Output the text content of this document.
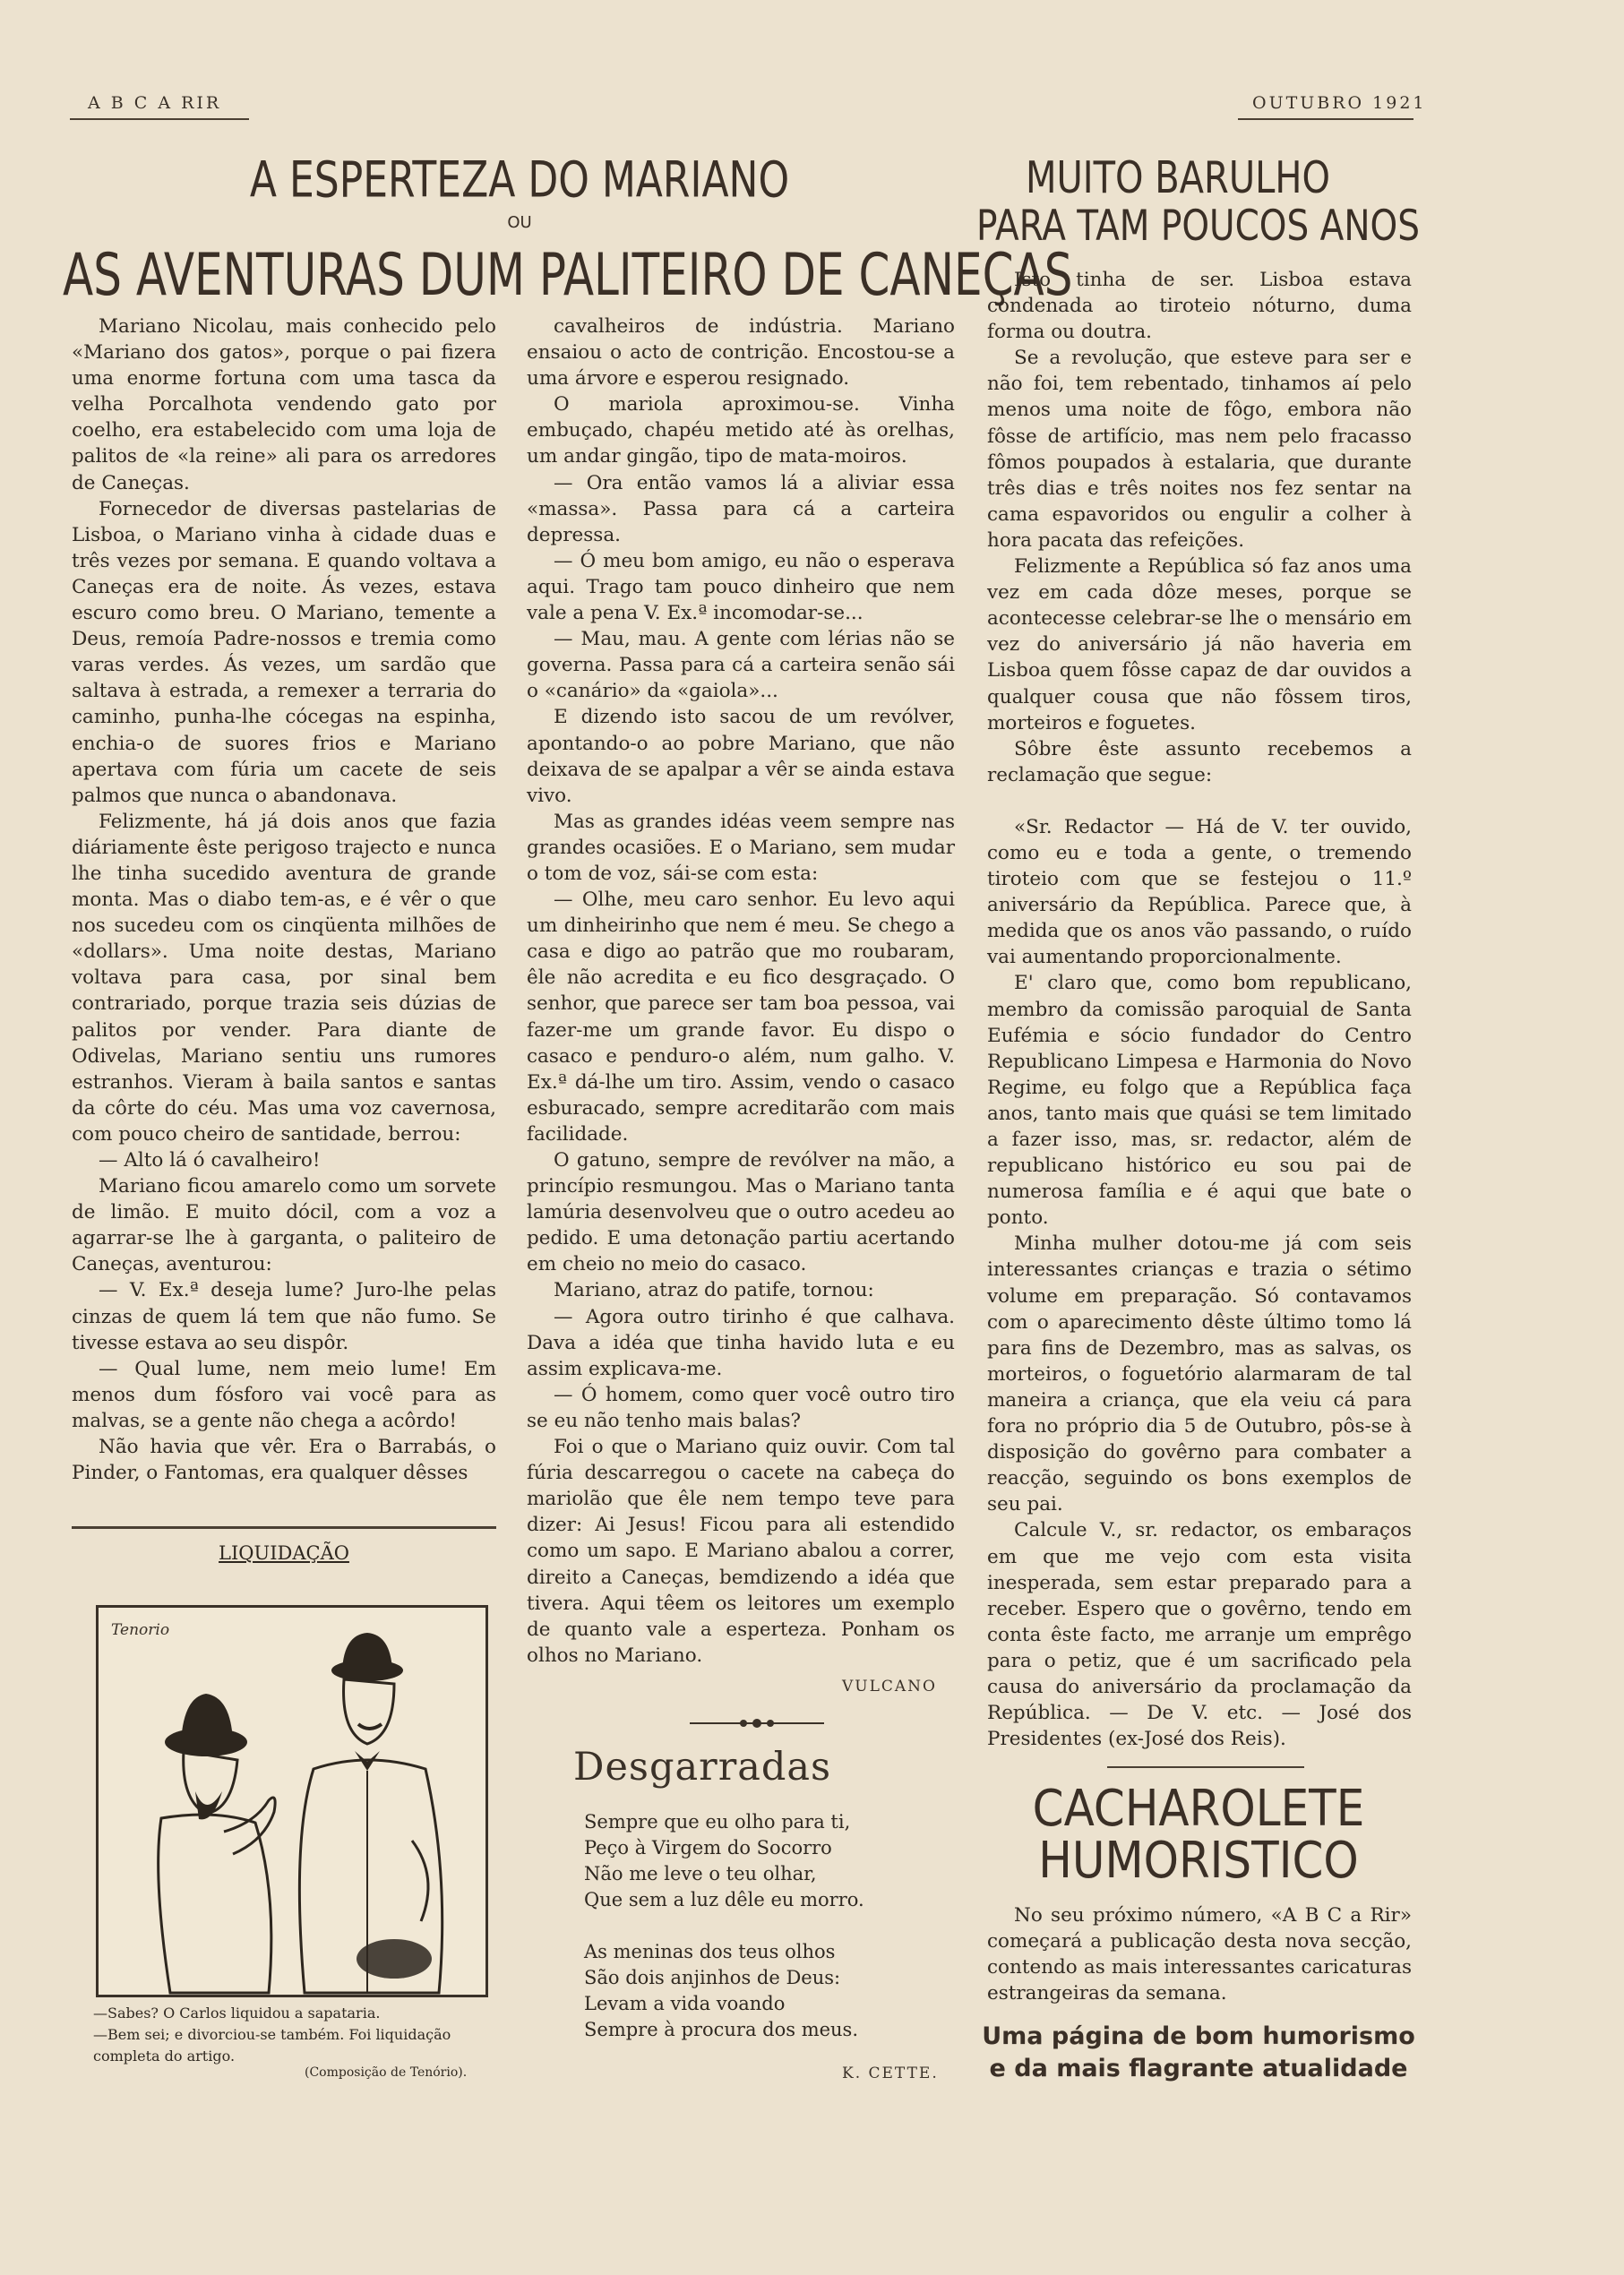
A B C A RIR	OUTUBRO 1921
A ESPERTEZA DO MARIANO
OU
AS AVENTURAS DUM PALITEIRO DE CANEÇAS

Mariano Nicolau, mais conhecido pelo «Mariano dos gatos», porque o pai fizera uma enorme fortuna com uma tasca da velha Porcalhota vendendo gato por coelho, era estabelecido com uma loja de palitos de «la reine» ali para os arredores de Caneças.

Fornecedor de diversas pastelarias de Lisboa, o Mariano vinha à cidade duas e três vezes por semana. E quando voltava a Caneças era de noite. Ás vezes, estava escuro como breu. O Mariano, temente a Deus, remoía Padre-nossos e tremia como varas verdes. Ás vezes, um sardão que saltava à estrada, a remexer a terraria do caminho, punha-lhe cócegas na espinha, enchia-o de suores frios e Mariano apertava com fúria um cacete de seis palmos que nunca o abandonava.

Felizmente, há já dois anos que fazia diáriamente êste perigoso trajecto e nunca lhe tinha sucedido aventura de grande monta. Mas o diabo tem-as, e é vêr o que nos sucedeu com os cinqüenta milhões de «dollars». Uma noite destas, Mariano voltava para casa, por sinal bem contrariado, porque trazia seis dúzias de palitos por vender. Para diante de Odivelas, Mariano sentiu uns rumores estranhos. Vieram à baila santos e santas da côrte do céu. Mas uma voz cavernosa, com pouco cheiro de santidade, berrou:

— Alto lá ó cavalheiro!

Mariano ficou amarelo como um sorvete de limão. E muito dócil, com a voz a agarrar-se lhe à garganta, o paliteiro de Caneças, aventurou:

— V. Ex.ª deseja lume? Juro-lhe pelas cinzas de quem lá tem que não fumo. Se tivesse estava ao seu dispôr.

— Qual lume, nem meio lume! Em menos dum fósforo vai você para as malvas, se a gente não chega a acôrdo!

Não havia que vêr. Era o Barrabás, o Pinder, o Fantomas, era qualquer dêsses

cavalheiros de indústria. Mariano ensaiou o acto de contrição. Encostou-se a uma árvore e esperou resignado.

O mariola aproximou-se. Vinha embuçado, chapéu metido até às orelhas, um andar gingão, tipo de mata-moiros.

— Ora então vamos lá a aliviar essa «massa». Passa para cá a carteira depressa.

— Ó meu bom amigo, eu não o esperava aqui. Trago tam pouco dinheiro que nem vale a pena V. Ex.ª incomodar-se...

— Mau, mau. A gente com lérias não se governa. Passa para cá a carteira senão sái o «canário» da «gaiola»...

E dizendo isto sacou de um revólver, apontando-o ao pobre Mariano, que não deixava de se apalpar a vêr se ainda estava vivo.

Mas as grandes idéas veem sempre nas grandes ocasiões. E o Mariano, sem mudar o tom de voz, sái-se com esta:

— Olhe, meu caro senhor. Eu levo aqui um dinheirinho que nem é meu. Se chego a casa e digo ao patrão que mo roubaram, êle não acredita e eu fico desgraçado. O senhor, que parece ser tam boa pessoa, vai fazer-me um grande favor. Eu dispo o casaco e penduro-o além, num galho. V. Ex.ª dá-lhe um tiro. Assim, vendo o casaco esburacado, sempre acreditarão com mais facilidade.

O gatuno, sempre de revólver na mão, a princípio resmungou. Mas o Mariano tanta lamúria desenvolveu que o outro acedeu ao pedido. E uma detonação partiu acertando em cheio no meio do casaco.

Mariano, atraz do patife, tornou:

— Agora outro tirinho é que calhava. Dava a idéa que tinha havido luta e eu assim explicava-me.

— Ó homem, como quer você outro tiro se eu não tenho mais balas?

Foi o que o Mariano quiz ouvir. Com tal fúria descarregou o cacete na cabeça do mariolão que êle nem tempo teve para dizer: Ai Jesus! Ficou para ali estendido como um sapo. E Mariano abalou a correr, direito a Caneças, bemdizendo a idéa que tivera. Aqui têem os leitores um exemplo de quanto vale a esperteza. Ponham os olhos no Mariano.

VULCANO
LIQUIDAÇÃO
Tenorio
—Sabes? O Carlos liquidou a sapataria.
—Bem sei; e divorciou-se também. Foi liquidação completa do artigo.
(Composição de Tenório).
Desgarradas
Sempre que eu olho para ti,
Peço à Virgem do Socorro
Não me leve o teu olhar,
Que sem a luz dêle eu morro.
As meninas dos teus olhos
São dois anjinhos de Deus:
Levam a vida voando
Sempre à procura dos meus.
K. CETTE.
MUITO BARULHO
PARA TAM POUCOS ANOS

Isto tinha de ser. Lisboa estava condenada ao tiroteio nóturno, duma forma ou doutra.

Se a revolução, que esteve para ser e não foi, tem rebentado, tinhamos aí pelo menos uma noite de fôgo, embora não fôsse de artifício, mas nem pelo fracasso fômos poupados à estalaria, que durante três dias e três noites nos fez sentar na cama espavoridos ou engulir a colher à hora pacata das refeições.

Felizmente a República só faz anos uma vez em cada dôze meses, porque se acontecesse celebrar-se lhe o mensário em vez do aniversário já não haveria em Lisboa quem fôsse capaz de dar ouvidos a qualquer cousa que não fôssem tiros, morteiros e foguetes.

Sôbre êste assunto recebemos a reclamação que segue:

«Sr. Redactor — Há de V. ter ouvido, como eu e toda a gente, o tremendo tiroteio com que se festejou o 11.º aniversário da República. Parece que, à medida que os anos vão passando, o ruído vai aumentando proporcionalmente.

E' claro que, como bom republicano, membro da comissão paroquial de Santa Eufémia e sócio fundador do Centro Republicano Limpesa e Harmonia do Novo Regime, eu folgo que a República faça anos, tanto mais que quási se tem limitado a fazer isso, mas, sr. redactor, além de republicano histórico eu sou pai de numerosa família e é aqui que bate o ponto.

Minha mulher dotou-me já com seis interessantes crianças e trazia o sétimo volume em preparação. Só contavamos com o aparecimento dêste último tomo lá para fins de Dezembro, mas as salvas, os morteiros, o foguetório alarmaram de tal maneira a criança, que ela veiu cá para fora no próprio dia 5 de Outubro, pôs-se à disposição do govêrno para combater a reacção, seguindo os bons exemplos de seu pai.

Calcule V., sr. redactor, os embaraços em que me vejo com esta visita inesperada, sem estar preparado para a receber. Espero que o govêrno, tendo em conta êste facto, me arranje um emprêgo para o petiz, que é um sacrificado pela causa do aniversário da proclamação da República. — De V. etc. — José dos Presidentes (ex-José dos Reis).

CACHAROLETE
HUMORISTICO

No seu próximo número, «A B C a Rir» começará a publicação desta nova secção, contendo as mais interessantes caricaturas estrangeiras da semana.

Uma página de bom humorismo
e da mais flagrante atualidade
